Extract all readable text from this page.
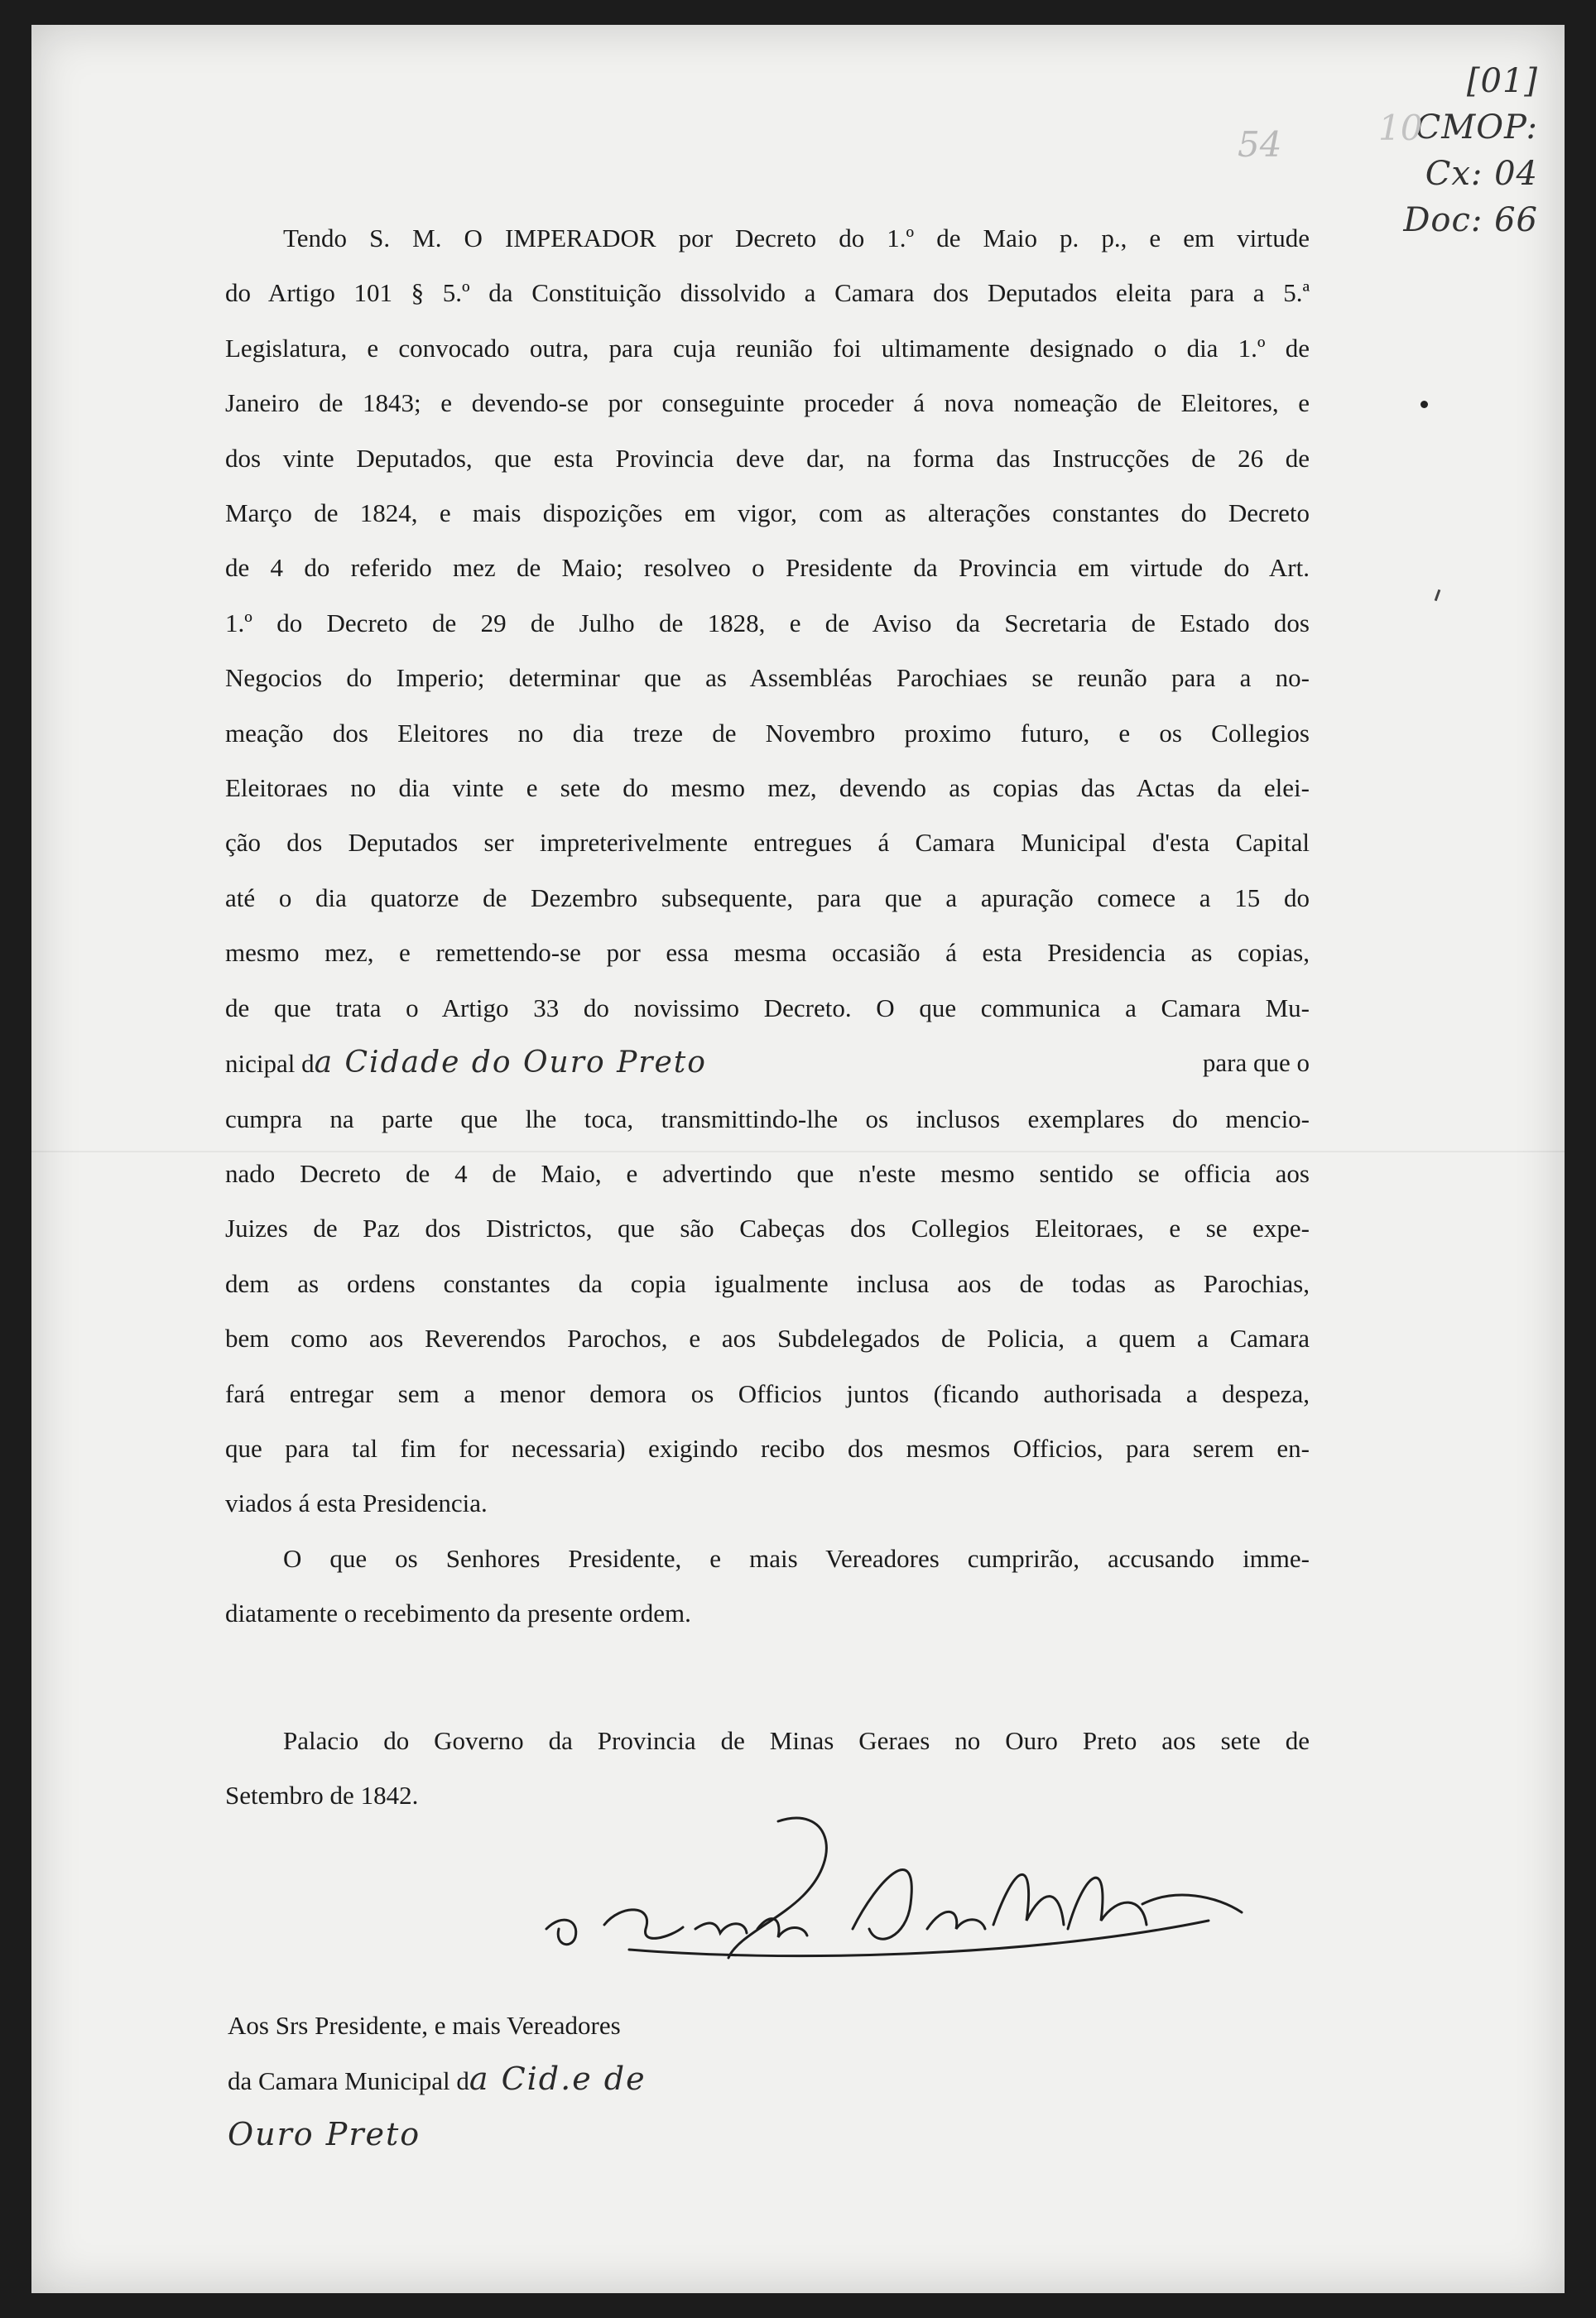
[01]
CMOP:
Cx: 04
Doc: 66
54	10
Tendo S. M. O IMPERADOR por Decreto do 1.º de Maio p. p., e em virtude
do Artigo 101 § 5.º da Constituição dissolvido a Camara dos Deputados eleita para a 5.ª
Legislatura, e convocado outra, para cuja reunião foi ultimamente designado o dia 1.º de
Janeiro de 1843; e devendo-se por conseguinte proceder á nova nomeação de Eleitores, e
dos vinte Deputados, que esta Provincia deve dar, na forma das Instrucções de 26 de
Março de 1824, e mais dispozições em vigor, com as alterações constantes do Decreto
de 4 do referido mez de Maio; resolveo o Presidente da Provincia em virtude do Art.
1.º do Decreto de 29 de Julho de 1828, e de Aviso da Secretaria de Estado dos
Negocios do Imperio; determinar que as Assembléas Parochiaes se reunão para a no-
meação dos Eleitores no dia treze de Novembro proximo futuro, e os Collegios
Eleitoraes no dia vinte e sete do mesmo mez, devendo as copias das Actas da elei-
ção dos Deputados ser impreterivelmente entregues á Camara Municipal d'esta Capital
até o dia quatorze de Dezembro subsequente, para que a apuração comece a 15 do
mesmo mez, e remettendo-se por essa mesma occasião á esta Presidencia as copias,
de que trata o Artigo 33 do novissimo Decreto. O que communica a Camara Mu-
nicipal da Cidade do Ouro Preto	para que o
cumpra na parte que lhe toca, transmittindo-lhe os inclusos exemplares do mencio-
nado Decreto de 4 de Maio, e advertindo que n'este mesmo sentido se officia aos
Juizes de Paz dos Districtos, que são Cabeças dos Collegios Eleitoraes, e se expe-
dem as ordens constantes da copia igualmente inclusa aos de todas as Parochias,
bem como aos Reverendos Parochos, e aos Subdelegados de Policia, a quem a Camara
fará entregar sem a menor demora os Officios juntos (ficando authorisada a despeza,
que para tal fim for necessaria) exigindo recibo dos mesmos Officios, para serem en-
viados á esta Presidencia.
O que os Senhores Presidente, e mais Vereadores cumprirão, accusando imme-
diatamente o recebimento da presente ordem.
Palacio do Governo da Provincia de Minas Geraes no Ouro Preto aos sete de
Setembro de 1842.
Bernardo Jacintho da Veiga
Aos Srs Presidente, e mais Vereadores
da Camara Municipal da Cid.e de
Ouro Preto
